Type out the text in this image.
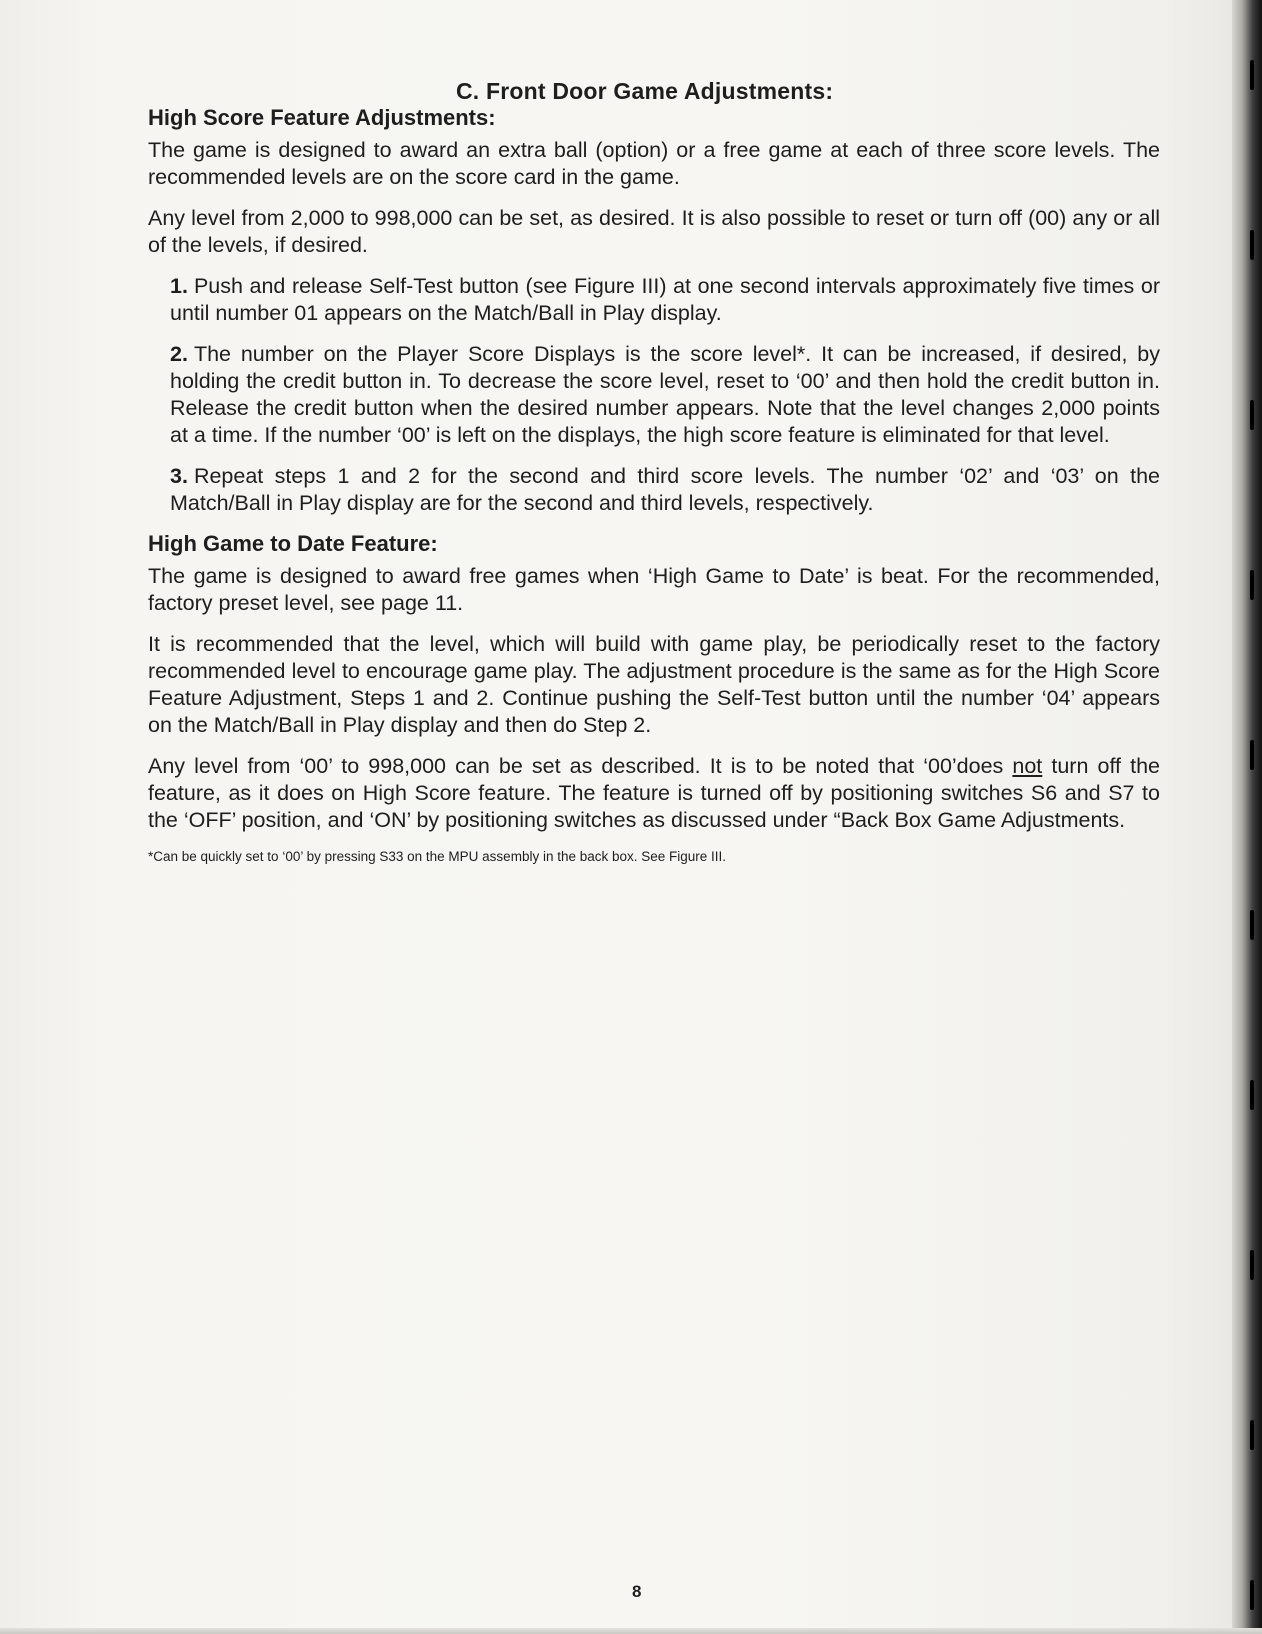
C. Front Door Game Adjustments:
High Score Feature Adjustments:

The game is designed to award an extra ball (option) or a free game at each of three score levels. The recommended levels are on the score card in the game.

Any level from 2,000 to 998,000 can be set, as desired. It is also possible to reset or turn off (00) any or all of the levels, if desired.

1. Push and release Self-Test button (see Figure III) at one second intervals approximately five times or until number 01 appears on the Match/Ball in Play display.

2. The number on the Player Score Displays is the score level*. It can be increased, if desired, by holding the credit button in. To decrease the score level, reset to ‘00’ and then hold the credit button in. Release the credit button when the desired number appears. Note that the level changes 2,000 points at a time. If the number ‘00’ is left on the displays, the high score feature is eliminated for that level.

3. Repeat steps 1 and 2 for the second and third score levels. The number ‘02’ and ‘03’ on the Match/Ball in Play display are for the second and third levels, respectively.

High Game to Date Feature:

The game is designed to award free games when ‘High Game to Date’ is beat. For the recommended, factory preset level, see page 11.

It is recommended that the level, which will build with game play, be periodically reset to the factory recommended level to encourage game play. The adjustment procedure is the same as for the High Score Feature Adjustment, Steps 1 and 2. Continue pushing the Self-Test button until the number ‘04’ appears on the Match/Ball in Play display and then do Step 2.

Any level from ‘00’ to 998,000 can be set as described. It is to be noted that ‘00’does not turn off the feature, as it does on High Score feature. The feature is turned off by positioning switches S6 and S7 to the ‘OFF’ position, and ‘ON’ by positioning switches as discussed under “Back Box Game Adjustments.

*Can be quickly set to ‘00’ by pressing S33 on the MPU assembly in the back box. See Figure III.

8
